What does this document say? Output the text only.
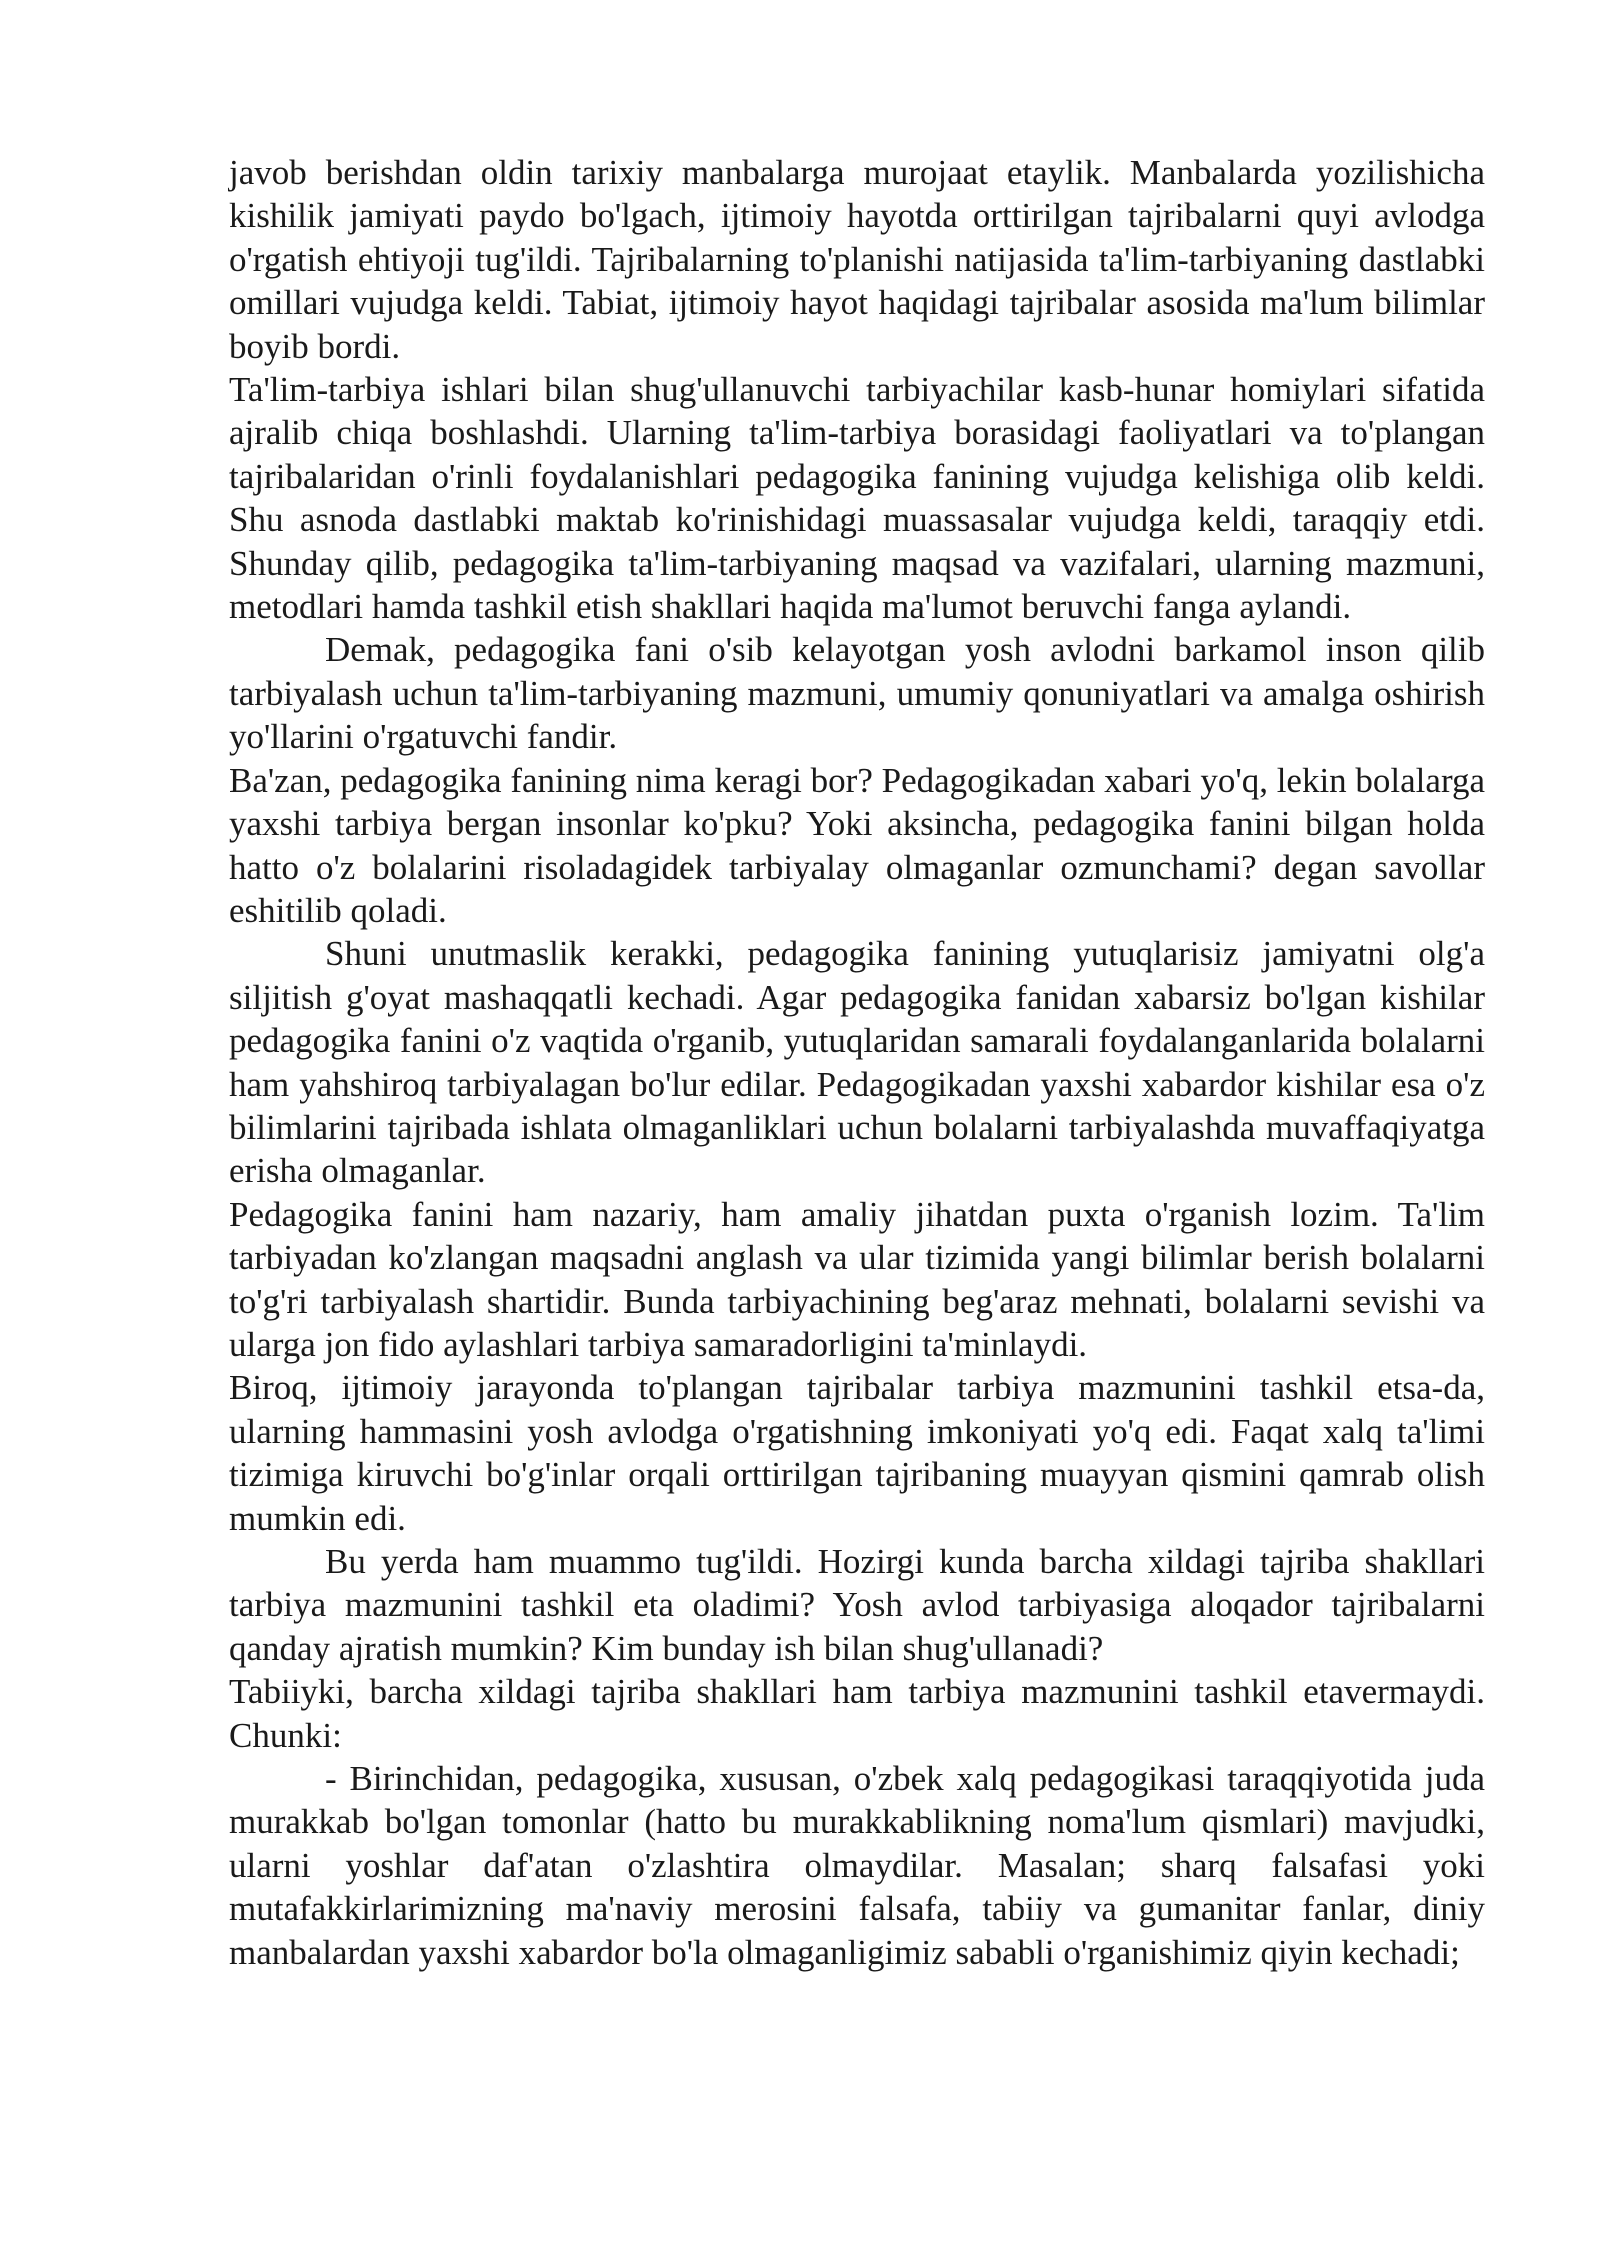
javob berishdan oldin tarixiy manbalarga murojaat etaylik. Manbalarda yozilishicha kishilik jamiyati paydo bo'lgach, ijtimoiy hayotda orttirilgan tajribalarni quyi avlodga o'rgatish ehtiyoji tug'ildi. Tajribalarning to'planishi natijasida ta'lim-tarbiyaning dastlabki omillari vujudga keldi. Tabiat, ijtimoiy hayot haqidagi tajribalar asosida ma'lum bilimlar boyib bordi.

Ta'lim-tarbiya ishlari bilan shug'ullanuvchi tarbiyachilar kasb-hunar homiylari sifatida ajralib chiqa boshlashdi. Ularning ta'lim-tarbiya borasidagi faoliyatlari va to'plangan tajribalaridan o'rinli foydalanishlari pedagogika fanining vujudga kelishiga olib keldi. Shu asnoda dastlabki maktab ko'rinishidagi muassasalar vujudga keldi, taraqqiy etdi. Shunday qilib, pedagogika ta'lim-tarbiyaning maqsad va vazifalari, ularning mazmuni, metodlari hamda tashkil etish shakllari haqida ma'lumot beruvchi fanga aylandi.

Demak, pedagogika fani o'sib kelayotgan yosh avlodni barkamol inson qilib tarbiyalash uchun ta'lim-tarbiyaning mazmuni, umumiy qonuniyatlari va amalga oshirish yo'llarini o'rgatuvchi fandir.

Ba'zan, pedagogika fanining nima keragi bor? Pedagogikadan xabari yo'q, lekin bolalarga yaxshi tarbiya bergan insonlar ko'pku? Yoki aksincha, pedagogika fanini bilgan holda hatto o'z bolalarini risoladagidek tarbiyalay olmaganlar ozmunchami? degan savollar eshitilib qoladi.

Shuni unutmaslik kerakki, pedagogika fanining yutuqlarisiz jamiyatni olg'a siljitish g'oyat mashaqqatli kechadi. Agar pedagogika fanidan xabarsiz bo'lgan kishilar pedagogika fanini o'z vaqtida o'rganib, yutuqlaridan samarali foydalanganlarida bolalarni ham yahshiroq tarbiyalagan bo'lur edilar. Pedagogikadan yaxshi xabardor kishilar esa o'z bilimlarini tajribada ishlata olmaganliklari uchun bolalarni tarbiyalashda muvaffaqiyatga erisha olmaganlar.

Pedagogika fanini ham nazariy, ham amaliy jihatdan puxta o'rganish lozim. Ta'lim tarbiyadan ko'zlangan maqsadni anglash va ular tizimida yangi bilimlar berish bolalarni to'g'ri tarbiyalash shartidir. Bunda tarbiyachining beg'araz mehnati, bolalarni sevishi va ularga jon fido aylashlari tarbiya samaradorligini ta'minlaydi.

Biroq, ijtimoiy jarayonda to'plangan tajribalar tarbiya mazmunini tashkil etsa-da, ularning hammasini yosh avlodga o'rgatishning imkoniyati yo'q edi. Faqat xalq ta'limi tizimiga kiruvchi bo'g'inlar orqali orttirilgan tajribaning muayyan qismini qamrab olish mumkin edi.

Bu yerda ham muammo tug'ildi. Hozirgi kunda barcha xildagi tajriba shakllari tarbiya mazmunini tashkil eta oladimi? Yosh avlod tarbiyasiga aloqador tajribalarni qanday ajratish mumkin? Kim bunday ish bilan shug'ullanadi?

Tabiiyki, barcha xildagi tajriba shakllari ham tarbiya mazmunini tashkil etavermaydi. Chunki:

- Birinchidan, pedagogika, xususan, o'zbek xalq pedagogikasi taraqqiyotida juda murakkab bo'lgan tomonlar (hatto bu murakkablikning noma'lum qismlari) mavjudki, ularni yoshlar daf'atan o'zlashtira olmaydilar. Masalan; sharq falsafasi yoki mutafakkirlarimizning ma'naviy merosini falsafa, tabiiy va gumanitar fanlar, diniy manbalardan yaxshi xabardor bo'la olmaganligimiz sababli o'rganishimiz qiyin kechadi;
